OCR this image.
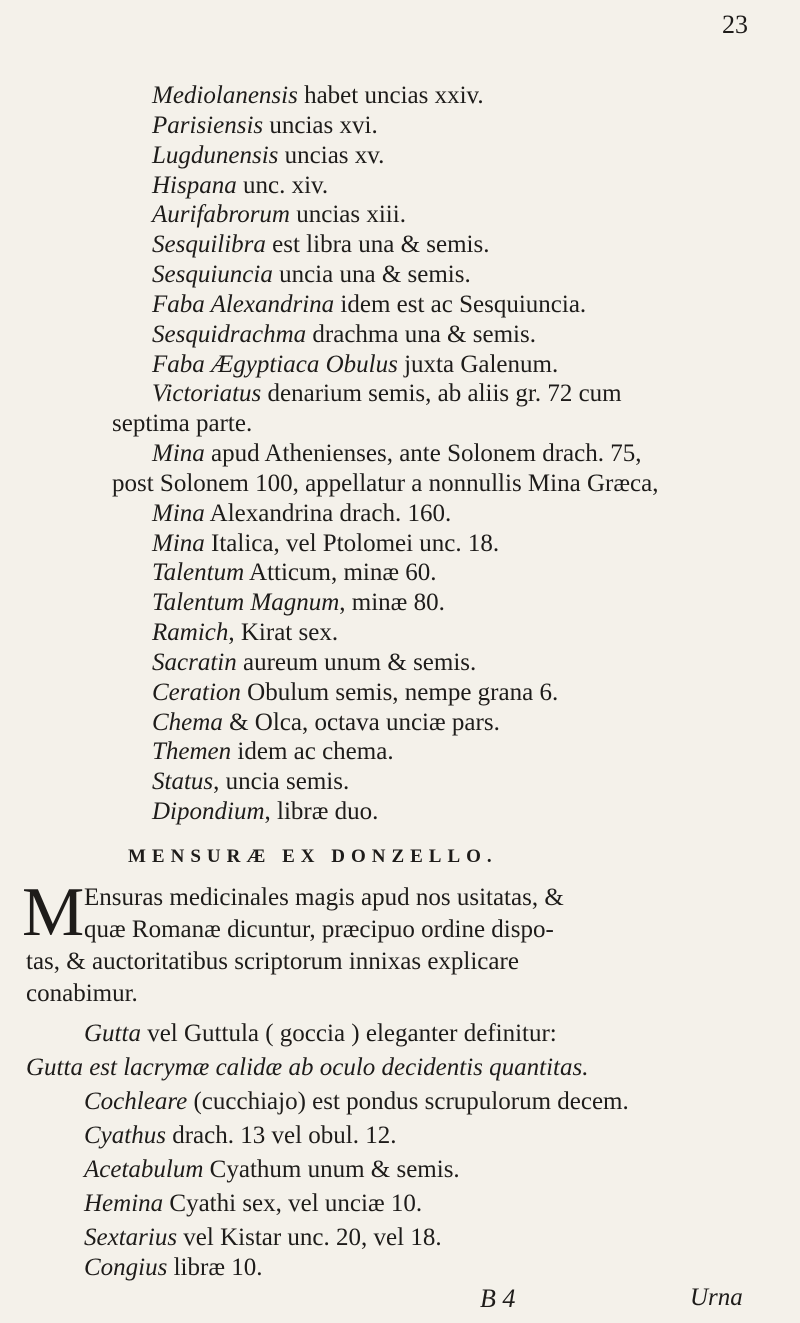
23
Mediolanensis habet uncias xxiv.
Parisiensis uncias xvi.
Lugdunensis uncias xv.
Hispana unc. xiv.
Aurifabrorum uncias xiii.
Sesquilibra est libra una & semis.
Sesquiuncia uncia una & semis.
Faba Alexandrina idem est ac Sesquiuncia.
Sesquidrachma drachma una & semis.
Faba Ægyptiaca Obulus juxta Galenum.
Victoriatus denarium semis, ab aliis gr. 72 cum
septima parte.
Mina apud Athenienses, ante Solonem drach. 75,
post Solonem 100, appellatur a nonnullis Mina Græca,
Mina Alexandrina drach. 160.
Mina Italica, vel Ptolomei unc. 18.
Talentum Atticum, minæ 60.
Talentum Magnum, minæ 80.
Ramich, Kirat sex.
Sacratin aureum unum & semis.
Ceration Obulum semis, nempe grana 6.
Chema & Olca, octava unciæ pars.
Themen idem ac chema.
Status, uncia semis.
Dipondium, libræ duo.
MENSURÆ EX DONZELLO.
M Ensuras medicinales magis apud nos usitatas, &
quæ Romanæ dicuntur, præcipuo ordine dispo-
tas, & auctoritatibus scriptorum innixas explicare
conabimur.
Gutta vel Guttula ( goccia ) eleganter definitur:
Gutta est lacrymæ calidæ ab oculo decidentis quantitas.
Cochleare (cucchiajo) est pondus scrupulorum decem.
Cyathus drach. 13 vel obul. 12.
Acetabulum Cyathum unum & semis.
Hemina Cyathi sex, vel unciæ 10.
Sextarius vel Kistar unc. 20, vel 18.
Congius libræ 10.
B 4	Urna
